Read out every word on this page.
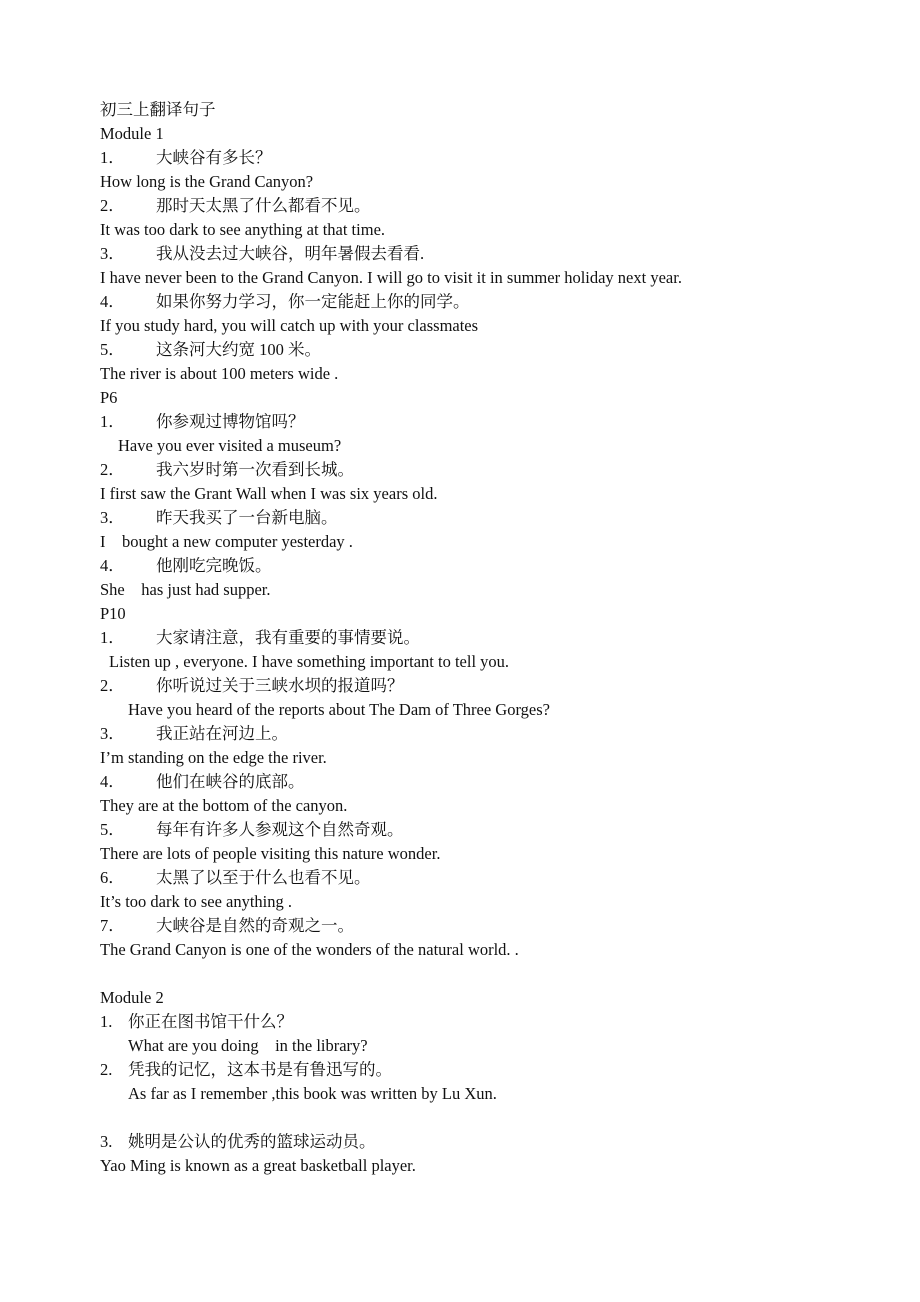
初三上翻译句子
Module 1
1． 大峡谷有多长？
How long is the Grand Canyon?
2． 那时天太黑了什么都看不见。
It was too dark to see anything at that time.
3． 我从没去过大峡谷，明年暑假去看看.
I have never been to the Grand Canyon. I will go to visit it in summer holiday next year.
4． 如果你努力学习，你一定能赶上你的同学。
If you study hard, you will catch up with your classmates
5． 这条河大约宽 100 米。
The river is about 100 meters wide .
P6
1． 你参观过博物馆吗？
Have you ever visited a museum?
2． 我六岁时第一次看到长城。
I first saw the Grant Wall when I was six years old.
3． 昨天我买了一台新电脑。
I    bought a new computer yesterday .
4． 他刚吃完晚饭。
She    has just had supper.
P10
1． 大家请注意，我有重要的事情要说。
Listen up , everyone. I have something important to tell you.
2． 你听说过关于三峡水坝的报道吗？
Have you heard of the reports about The Dam of Three Gorges?
3． 我正站在河边上。
I’m standing on the edge the river.
4． 他们在峡谷的底部。
They are at the bottom of the canyon.
5． 每年有许多人参观这个自然奇观。
There are lots of people visiting this nature wonder.
6． 太黑了以至于什么也看不见。
It’s too dark to see anything .
7． 大峡谷是自然的奇观之一。
The Grand Canyon is one of the wonders of the natural world. .
Module 2
1. 你正在图书馆干什么？
What are you doing    in the library?
2. 凭我的记忆，这本书是有鲁迅写的。
As far as I remember ,this book was written by Lu Xun.
3. 姚明是公认的优秀的篮球运动员。
Yao Ming is known as a great basketball player.
